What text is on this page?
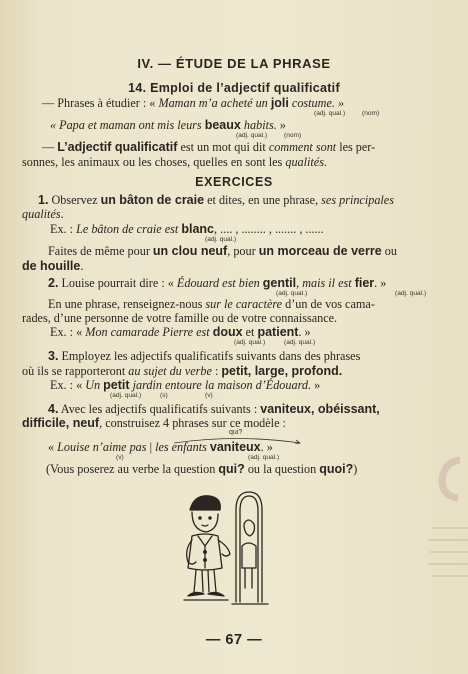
IV. — ÉTUDE DE LA PHRASE
14. Emploi de l’adjectif qualificatif
— Phrases à étudier : « Maman m’a acheté un joli costume. »
(adj. qual.)	(nom)
« Papa et maman ont mis leurs beaux habits. »
(adj. qual.)	(nom)
— L’adjectif qualificatif est un mot qui dit comment sont les per-
sonnes, les animaux ou les choses, quelles en sont les qualités.
EXERCICES
1. Observez un bâton de craie et dites, en une phrase, ses principales
qualités.
Ex. : Le bâton de craie est blanc, .... , ........ , ....... , ......
(adj. qual.)
Faites de même pour un clou neuf, pour un morceau de verre ou
de houille.
2. Louise pourrait dire : « Édouard est bien gentil, mais il est fier. »
(adj. qual.)	(adj. qual.)
En une phrase, renseignez-nous sur le caractère d’un de vos cama-
rades, d’une personne de votre famille ou de votre connaissance.
Ex. : « Mon camarade Pierre est doux et patient. »
(adj. qual.)	(adj. qual.)
3. Employez les adjectifs qualificatifs suivants dans des phrases
où ils se rapporteront au sujet du verbe : petit, large, profond.
Ex. : « Un petit jardin entoure la maison d’Édouard. »
(adj. qual.)	(s)	(v)
4. Avec les adjectifs qualificatifs suivants : vaniteux, obéissant,
difficile, neuf, construisez 4 phrases sur ce modèle :
qui?
« Louise n’aime pas | les enfants vaniteux. »
(v)	(adj. qual.)
(Vous poserez au verbe la question qui? ou la question quoi?)
— 67 —
